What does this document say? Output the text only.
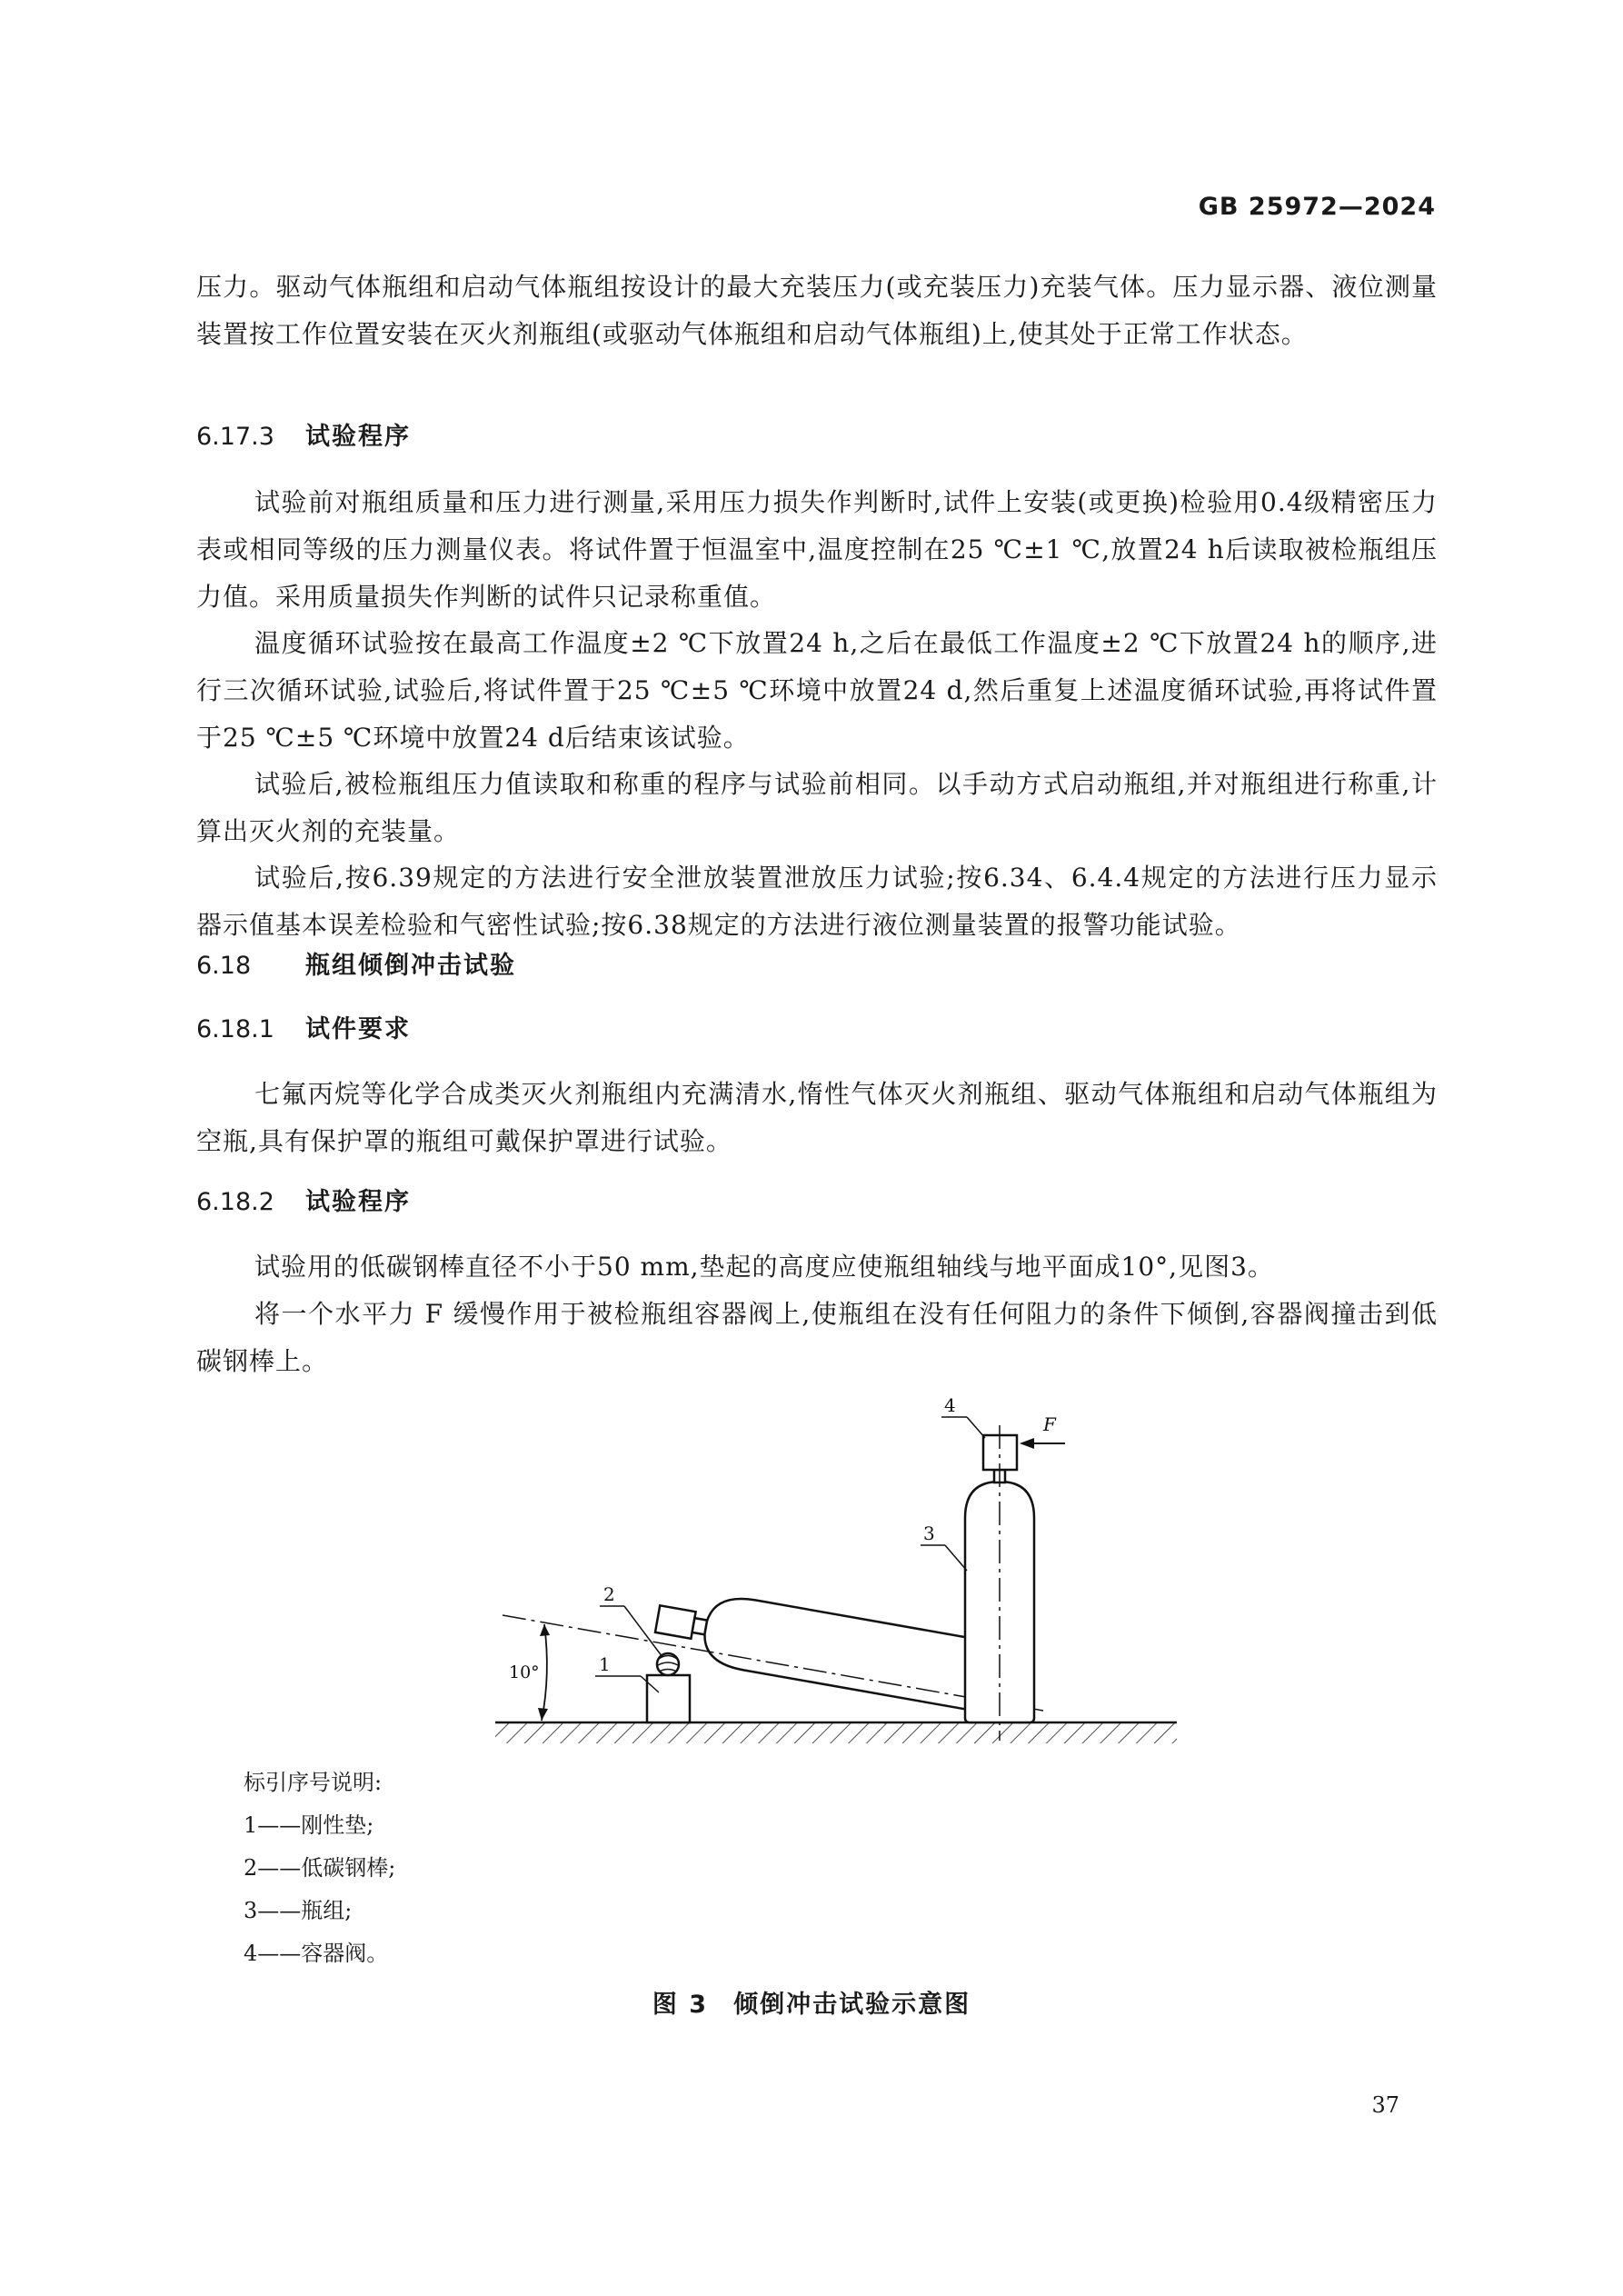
GB 25972—2024

压力。驱动气体瓶组和启动气体瓶组按设计的最大充装压力(或充装压力)充装气体。压力显示器、液位测量装置按工作位置安装在灭火剂瓶组(或驱动气体瓶组和启动气体瓶组)上,使其处于正常工作状态。

6.17.3 试验程序

试验前对瓶组质量和压力进行测量,采用压力损失作判断时,试件上安装(或更换)检验用0.4级精密压力表或相同等级的压力测量仪表。将试件置于恒温室中,温度控制在25 ℃±1 ℃,放置24 h后读取被检瓶组压力值。采用质量损失作判断的试件只记录称重值。

温度循环试验按在最高工作温度±2 ℃下放置24 h,之后在最低工作温度±2 ℃下放置24 h的顺序,进行三次循环试验,试验后,将试件置于25 ℃±5 ℃环境中放置24 d,然后重复上述温度循环试验,再将试件置于25 ℃±5 ℃环境中放置24 d后结束该试验。

试验后,被检瓶组压力值读取和称重的程序与试验前相同。以手动方式启动瓶组,并对瓶组进行称重,计算出灭火剂的充装量。

试验后,按6.39规定的方法进行安全泄放装置泄放压力试验;按6.34、6.4.4规定的方法进行压力显示器示值基本误差检验和气密性试验;按6.38规定的方法进行液位测量装置的报警功能试验。

6.18 瓶组倾倒冲击试验
6.18.1 试件要求

七氟丙烷等化学合成类灭火剂瓶组内充满清水,惰性气体灭火剂瓶组、驱动气体瓶组和启动气体瓶组为空瓶,具有保护罩的瓶组可戴保护罩进行试验。

6.18.2 试验程序

试验用的低碳钢棒直径不小于50 mm,垫起的高度应使瓶组轴线与地平面成10°,见图3。

将一个水平力 F 缓慢作用于被检瓶组容器阀上,使瓶组在没有任何阻力的条件下倾倒,容器阀撞击到低碳钢棒上。

F
10°	1
2
3
4
标引序号说明:
1——刚性垫;
2——低碳钢棒;
3——瓶组;
4——容器阀。
图 3 倾倒冲击试验示意图
37
